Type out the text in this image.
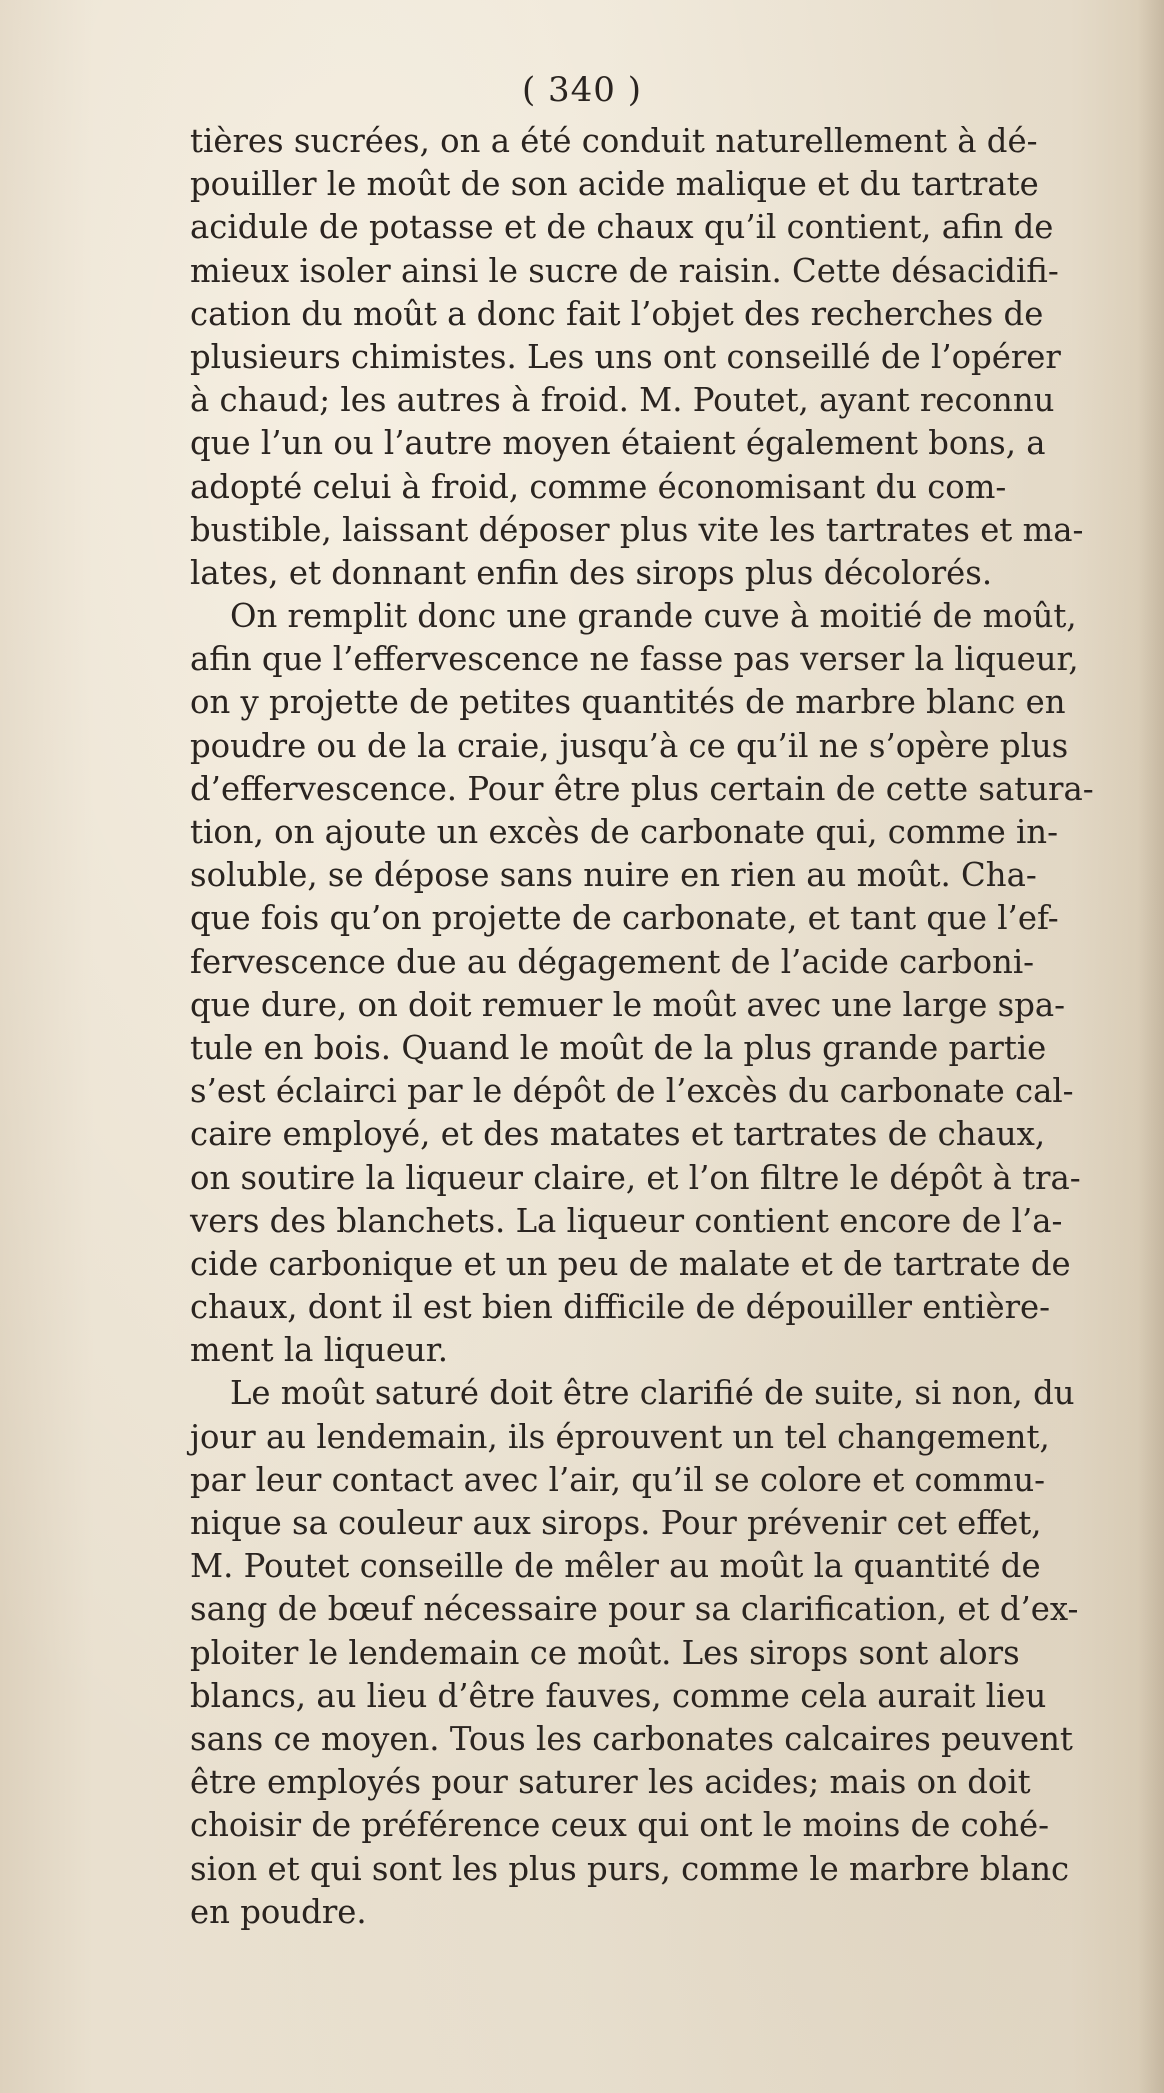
( 340 )
tières sucrées, on a été conduit naturellement à dé-
pouiller le moût de son acide malique et du tartrate
acidule de potasse et de chaux qu’il contient, afin de
mieux isoler ainsi le sucre de raisin. Cette désacidifi-
cation du moût a donc fait l’objet des recherches de
plusieurs chimistes. Les uns ont conseillé de l’opérer
à chaud; les autres à froid. M. Poutet, ayant reconnu
que l’un ou l’autre moyen étaient également bons, a
adopté celui à froid, comme économisant du com-
bustible, laissant déposer plus vite les tartrates et ma-
lates, et donnant enfin des sirops plus décolorés.
On remplit donc une grande cuve à moitié de moût,
afin que l’effervescence ne fasse pas verser la liqueur,
on y projette de petites quantités de marbre blanc en
poudre ou de la craie, jusqu’à ce qu’il ne s’opère plus
d’effervescence. Pour être plus certain de cette satura-
tion, on ajoute un excès de carbonate qui, comme in-
soluble, se dépose sans nuire en rien au moût. Cha-
que fois qu’on projette de carbonate, et tant que l’ef-
fervescence due au dégagement de l’acide carboni-
que dure, on doit remuer le moût avec une large spa-
tule en bois. Quand le moût de la plus grande partie
s’est éclairci par le dépôt de l’excès du carbonate cal-
caire employé, et des matates et tartrates de chaux,
on soutire la liqueur claire, et l’on filtre le dépôt à tra-
vers des blanchets. La liqueur contient encore de l’a-
cide carbonique et un peu de malate et de tartrate de
chaux, dont il est bien difficile de dépouiller entière-
ment la liqueur.
Le moût saturé doit être clarifié de suite, si non, du
jour au lendemain, ils éprouvent un tel changement,
par leur contact avec l’air, qu’il se colore et commu-
nique sa couleur aux sirops. Pour prévenir cet effet,
M. Poutet conseille de mêler au moût la quantité de
sang de bœuf nécessaire pour sa clarification, et d’ex-
ploiter le lendemain ce moût. Les sirops sont alors
blancs, au lieu d’être fauves, comme cela aurait lieu
sans ce moyen. Tous les carbonates calcaires peuvent
être employés pour saturer les acides; mais on doit
choisir de préférence ceux qui ont le moins de cohé-
sion et qui sont les plus purs, comme le marbre blanc
en poudre.
